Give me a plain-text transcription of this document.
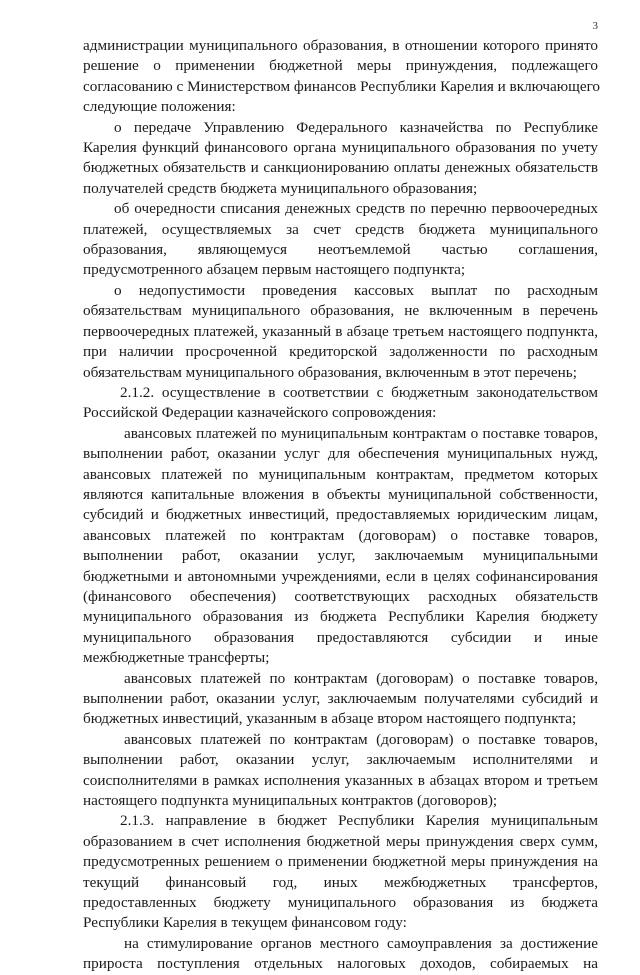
3

администрации муниципального образования, в отношении которого принято
решение о применении бюджетной меры принуждения, подлежащего
согласованию с Министерством финансов Республики Карелия и включающего
следующие положения:

о передаче Управлению Федерального казначейства по Республике
Карелия функций финансового органа муниципального образования по учету
бюджетных обязательств и санкционированию оплаты денежных обязательств
получателей средств бюджета муниципального образования;

об очередности списания денежных средств по перечню первоочередных
платежей, осуществляемых за счет средств бюджета муниципального
образования, являющемуся неотъемлемой частью соглашения,
предусмотренного абзацем первым настоящего подпункта;

о недопустимости проведения кассовых выплат по расходным
обязательствам муниципального образования, не включенным в перечень
первоочередных платежей, указанный в абзаце третьем настоящего подпункта,
при наличии просроченной кредиторской задолженности по расходным
обязательствам муниципального образования, включенным в этот перечень;

2.1.2. осуществление в соответствии с бюджетным законодательством
Российской Федерации казначейского сопровождения:

авансовых платежей по муниципальным контрактам о поставке товаров,
выполнении работ, оказании услуг для обеспечения муниципальных нужд,
авансовых платежей по муниципальным контрактам, предметом которых
являются капитальные вложения в объекты муниципальной собственности,
субсидий и бюджетных инвестиций, предоставляемых юридическим лицам,
авансовых платежей по контрактам (договорам) о поставке товаров,
выполнении работ, оказании услуг, заключаемым муниципальными
бюджетными и автономными учреждениями, если в целях софинансирования
(финансового обеспечения) соответствующих расходных обязательств
муниципального образования из бюджета Республики Карелия бюджету
муниципального образования предоставляются субсидии и иные
межбюджетные трансферты;

авансовых платежей по контрактам (договорам) о поставке товаров,
выполнении работ, оказании услуг, заключаемым получателями субсидий и
бюджетных инвестиций, указанным в абзаце втором настоящего подпункта;

авансовых платежей по контрактам (договорам) о поставке товаров,
выполнении работ, оказании услуг, заключаемым исполнителями и
соисполнителями в рамках исполнения указанных в абзацах втором и третьем
настоящего подпункта муниципальных контрактов (договоров);

2.1.3. направление в бюджет Республики Карелия муниципальным
образованием в счет исполнения бюджетной меры принуждения сверх сумм,
предусмотренных решением о применении бюджетной меры принуждения на
текущий финансовый год, иных межбюджетных трансфертов,
предоставленных бюджету муниципального образования из бюджета
Республики Карелия в текущем финансовом году:

на стимулирование органов местного самоуправления за достижение
прироста поступления отдельных налоговых доходов, собираемых на
